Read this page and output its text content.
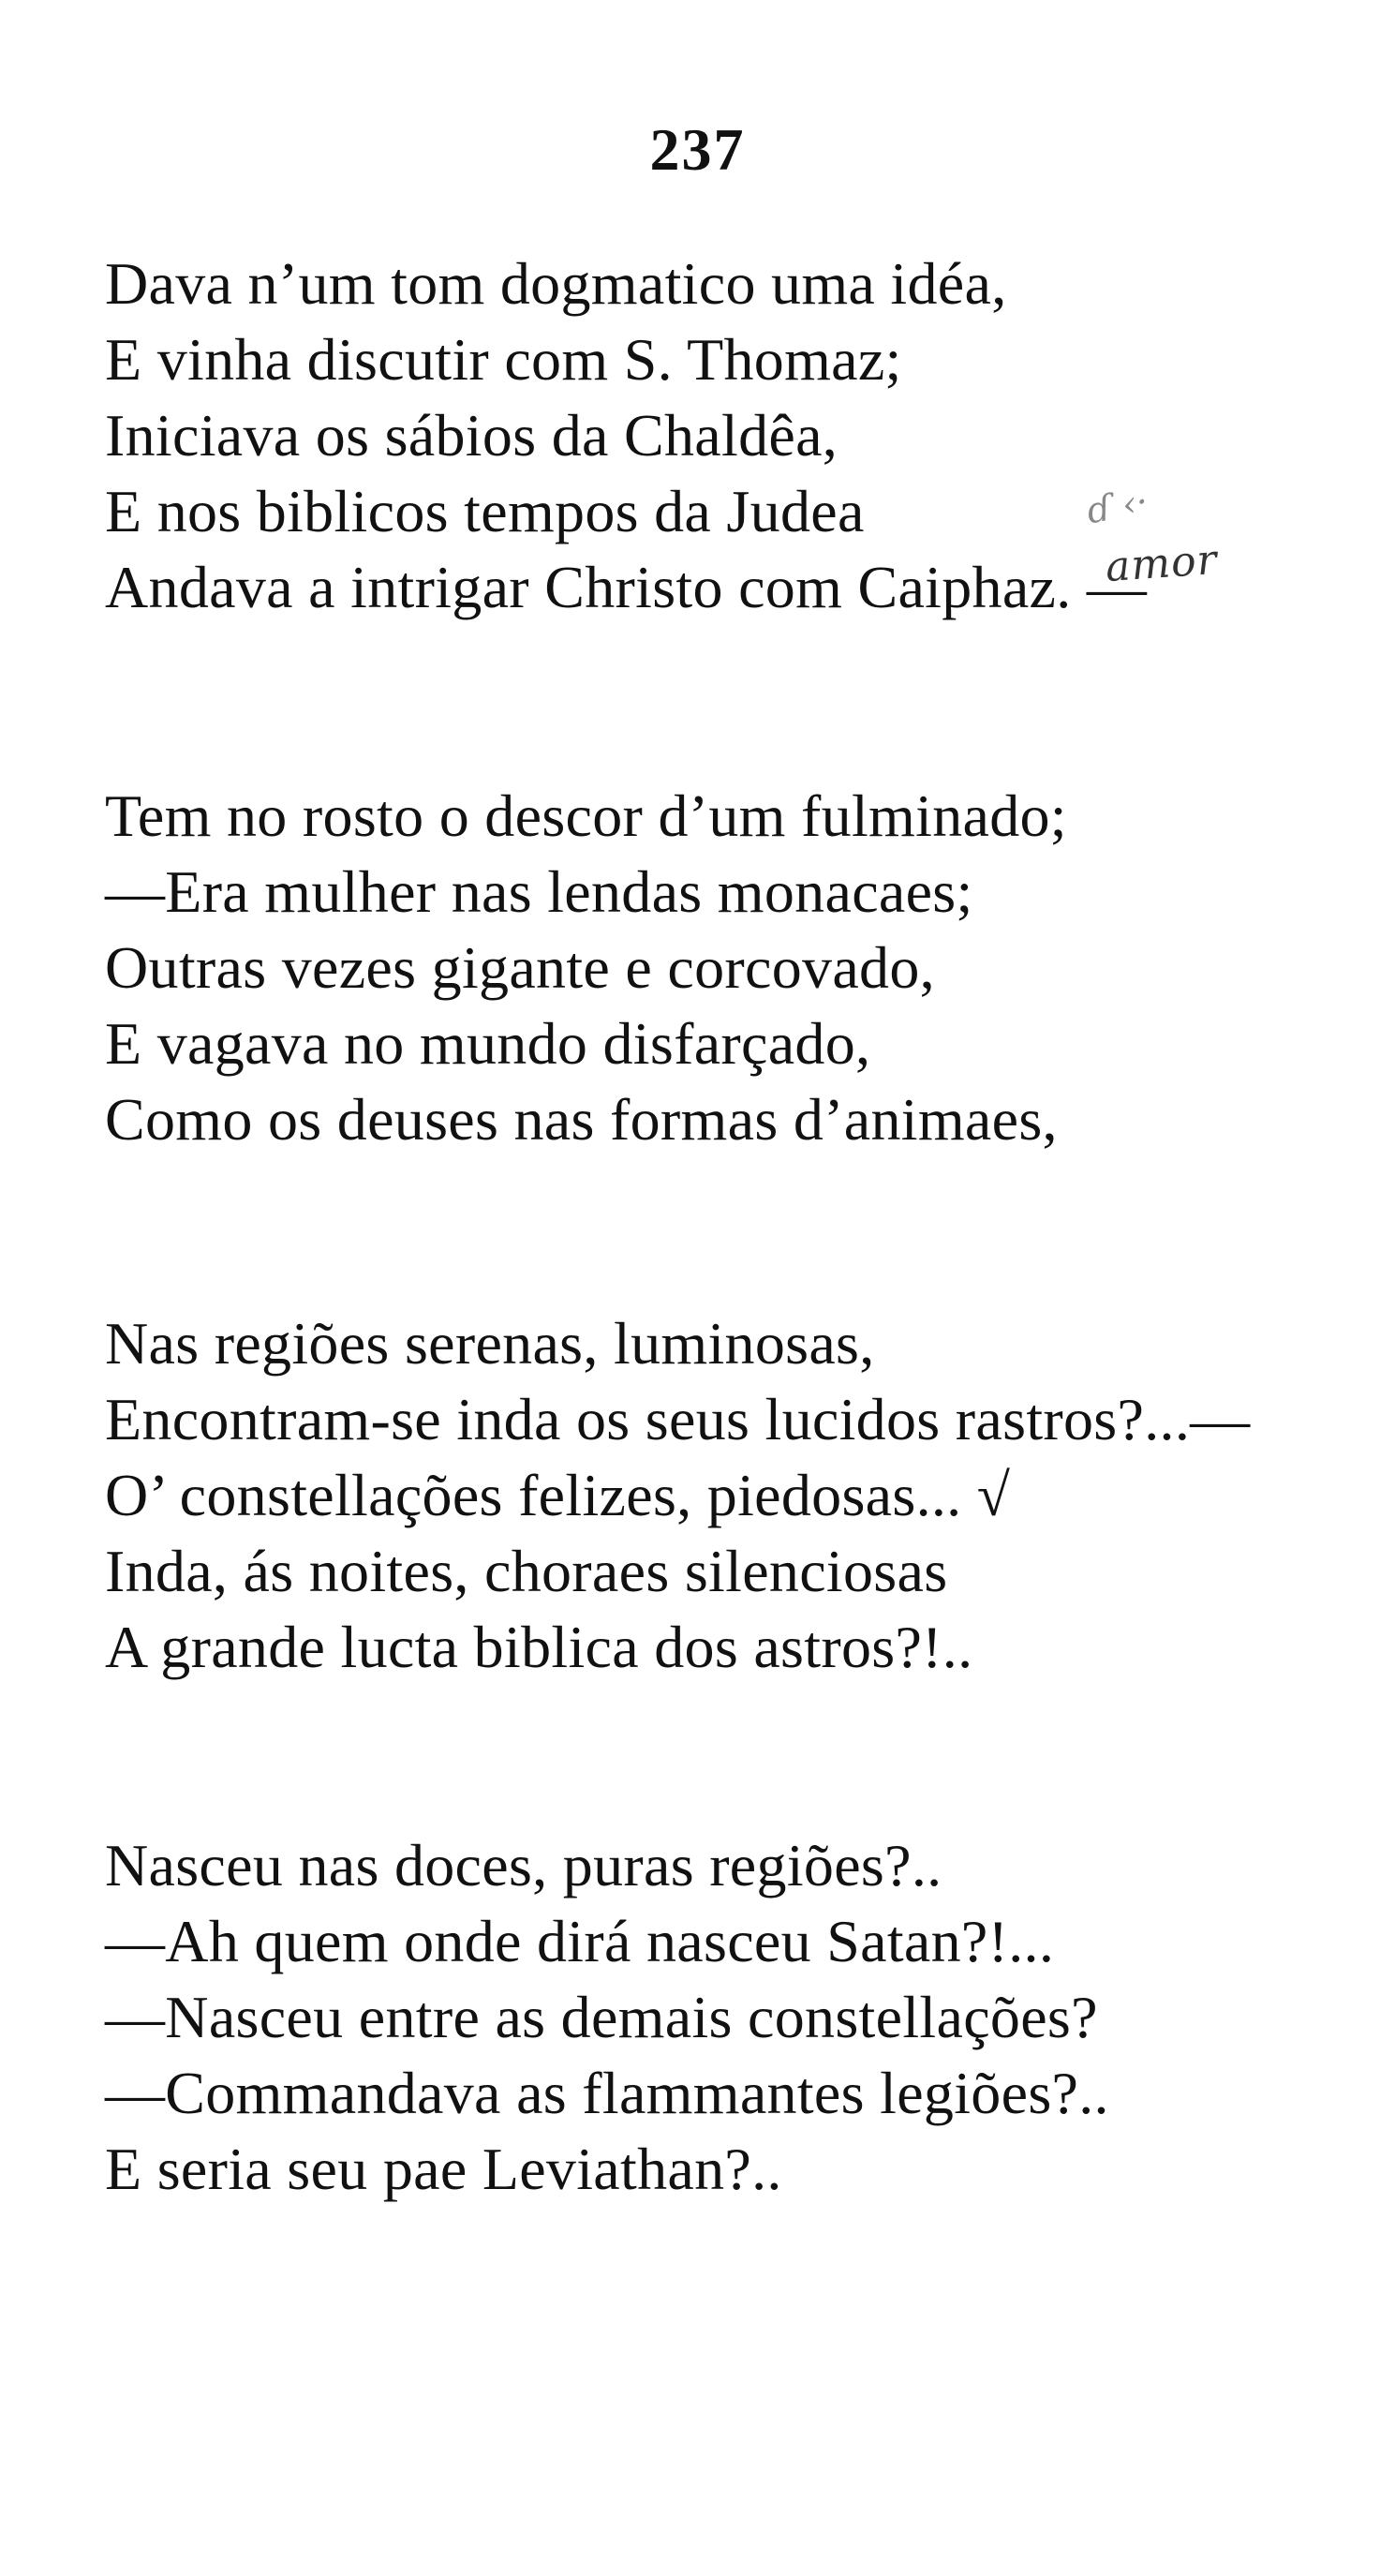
237
Dava n’um tom dogmatico uma idéa,
E vinha discutir com S. Thomaz;
Iniciava os sábios da Chaldêa,
E nos biblicos tempos da Judea
Andava a intrigar Christo com Caiphaz. —
ɗ ‹·
amor
Tem no rosto o descor d’um fulminado;
—Era mulher nas lendas monacaes;
Outras vezes gigante e corcovado,
E vagava no mundo disfarçado,
Como os deuses nas formas d’animaes,
Nas regiões serenas, luminosas,
Encontram-se inda os seus lucidos rastros?...—
O’ constellações felizes, piedosas... √
Inda, ás noites, choraes silenciosas
A grande lucta biblica dos astros?!..
Nasceu nas doces, puras regiões?..
—Ah quem onde dirá nasceu Satan?!...
—Nasceu entre as demais constellações?
—Commandava as flammantes legiões?..
E seria seu pae Leviathan?..
